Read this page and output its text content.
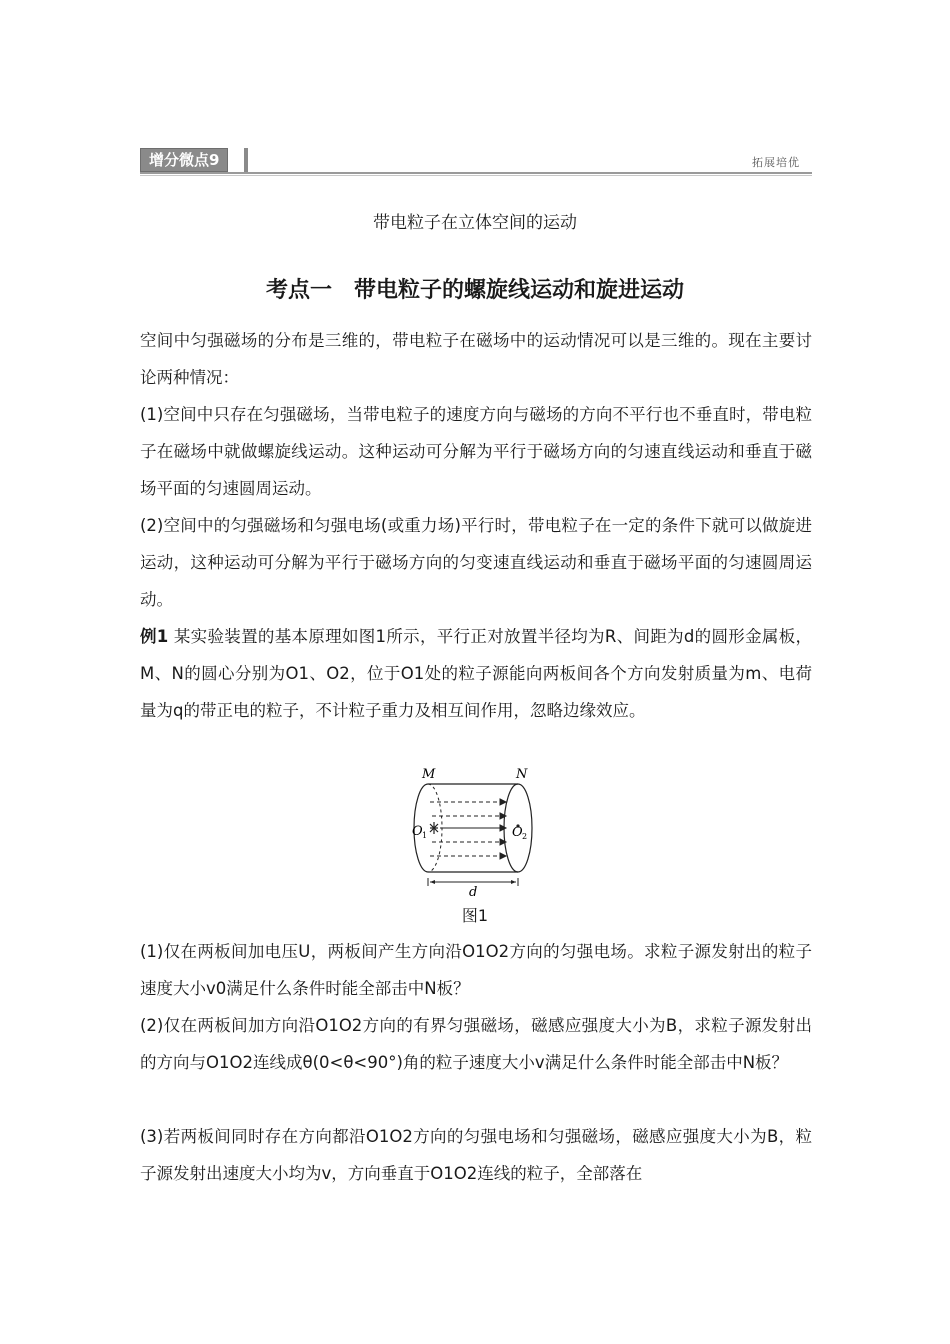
增分微点9	拓展培优
带电粒子在立体空间的运动
考点一　带电粒子的螺旋线运动和旋进运动
空间中匀强磁场的分布是三维的，带电粒子在磁场中的运动情况可以是三维的。现在主要讨论两种情况：
(1)空间中只存在匀强磁场，当带电粒子的速度方向与磁场的方向不平行也不垂直时，带电粒子在磁场中就做螺旋线运动。这种运动可分解为平行于磁场方向的匀速直线运动和垂直于磁场平面的匀速圆周运动。
(2)空间中的匀强磁场和匀强电场(或重力场)平行时，带电粒子在一定的条件下就可以做旋进运动，这种运动可分解为平行于磁场方向的匀变速直线运动和垂直于磁场平面的匀速圆周运动。
例1 某实验装置的基本原理如图1所示，平行正对放置半径均为R、间距为d的圆形金属板，M、N的圆心分别为O1、O2，位于O1处的粒子源能向两板间各个方向发射质量为m、电荷量为q的带正电的粒子，不计粒子重力及相互间作用，忽略边缘效应。
M	N
O 1	O 2
d
图1
(1)仅在两板间加电压U，两板间产生方向沿O1O2方向的匀强电场。求粒子源发射出的粒子速度大小v0满足什么条件时能全部击中N板？
(2)仅在两板间加方向沿O1O2方向的有界匀强磁场，磁感应强度大小为B，求粒子源发射出的方向与O1O2连线成θ(0<θ<90°)角的粒子速度大小v满足什么条件时能全部击中N板？
(3)若两板间同时存在方向都沿O1O2方向的匀强电场和匀强磁场，磁感应强度大小为B，粒子源发射出速度大小均为v，方向垂直于O1O2连线的粒子，全部落在
